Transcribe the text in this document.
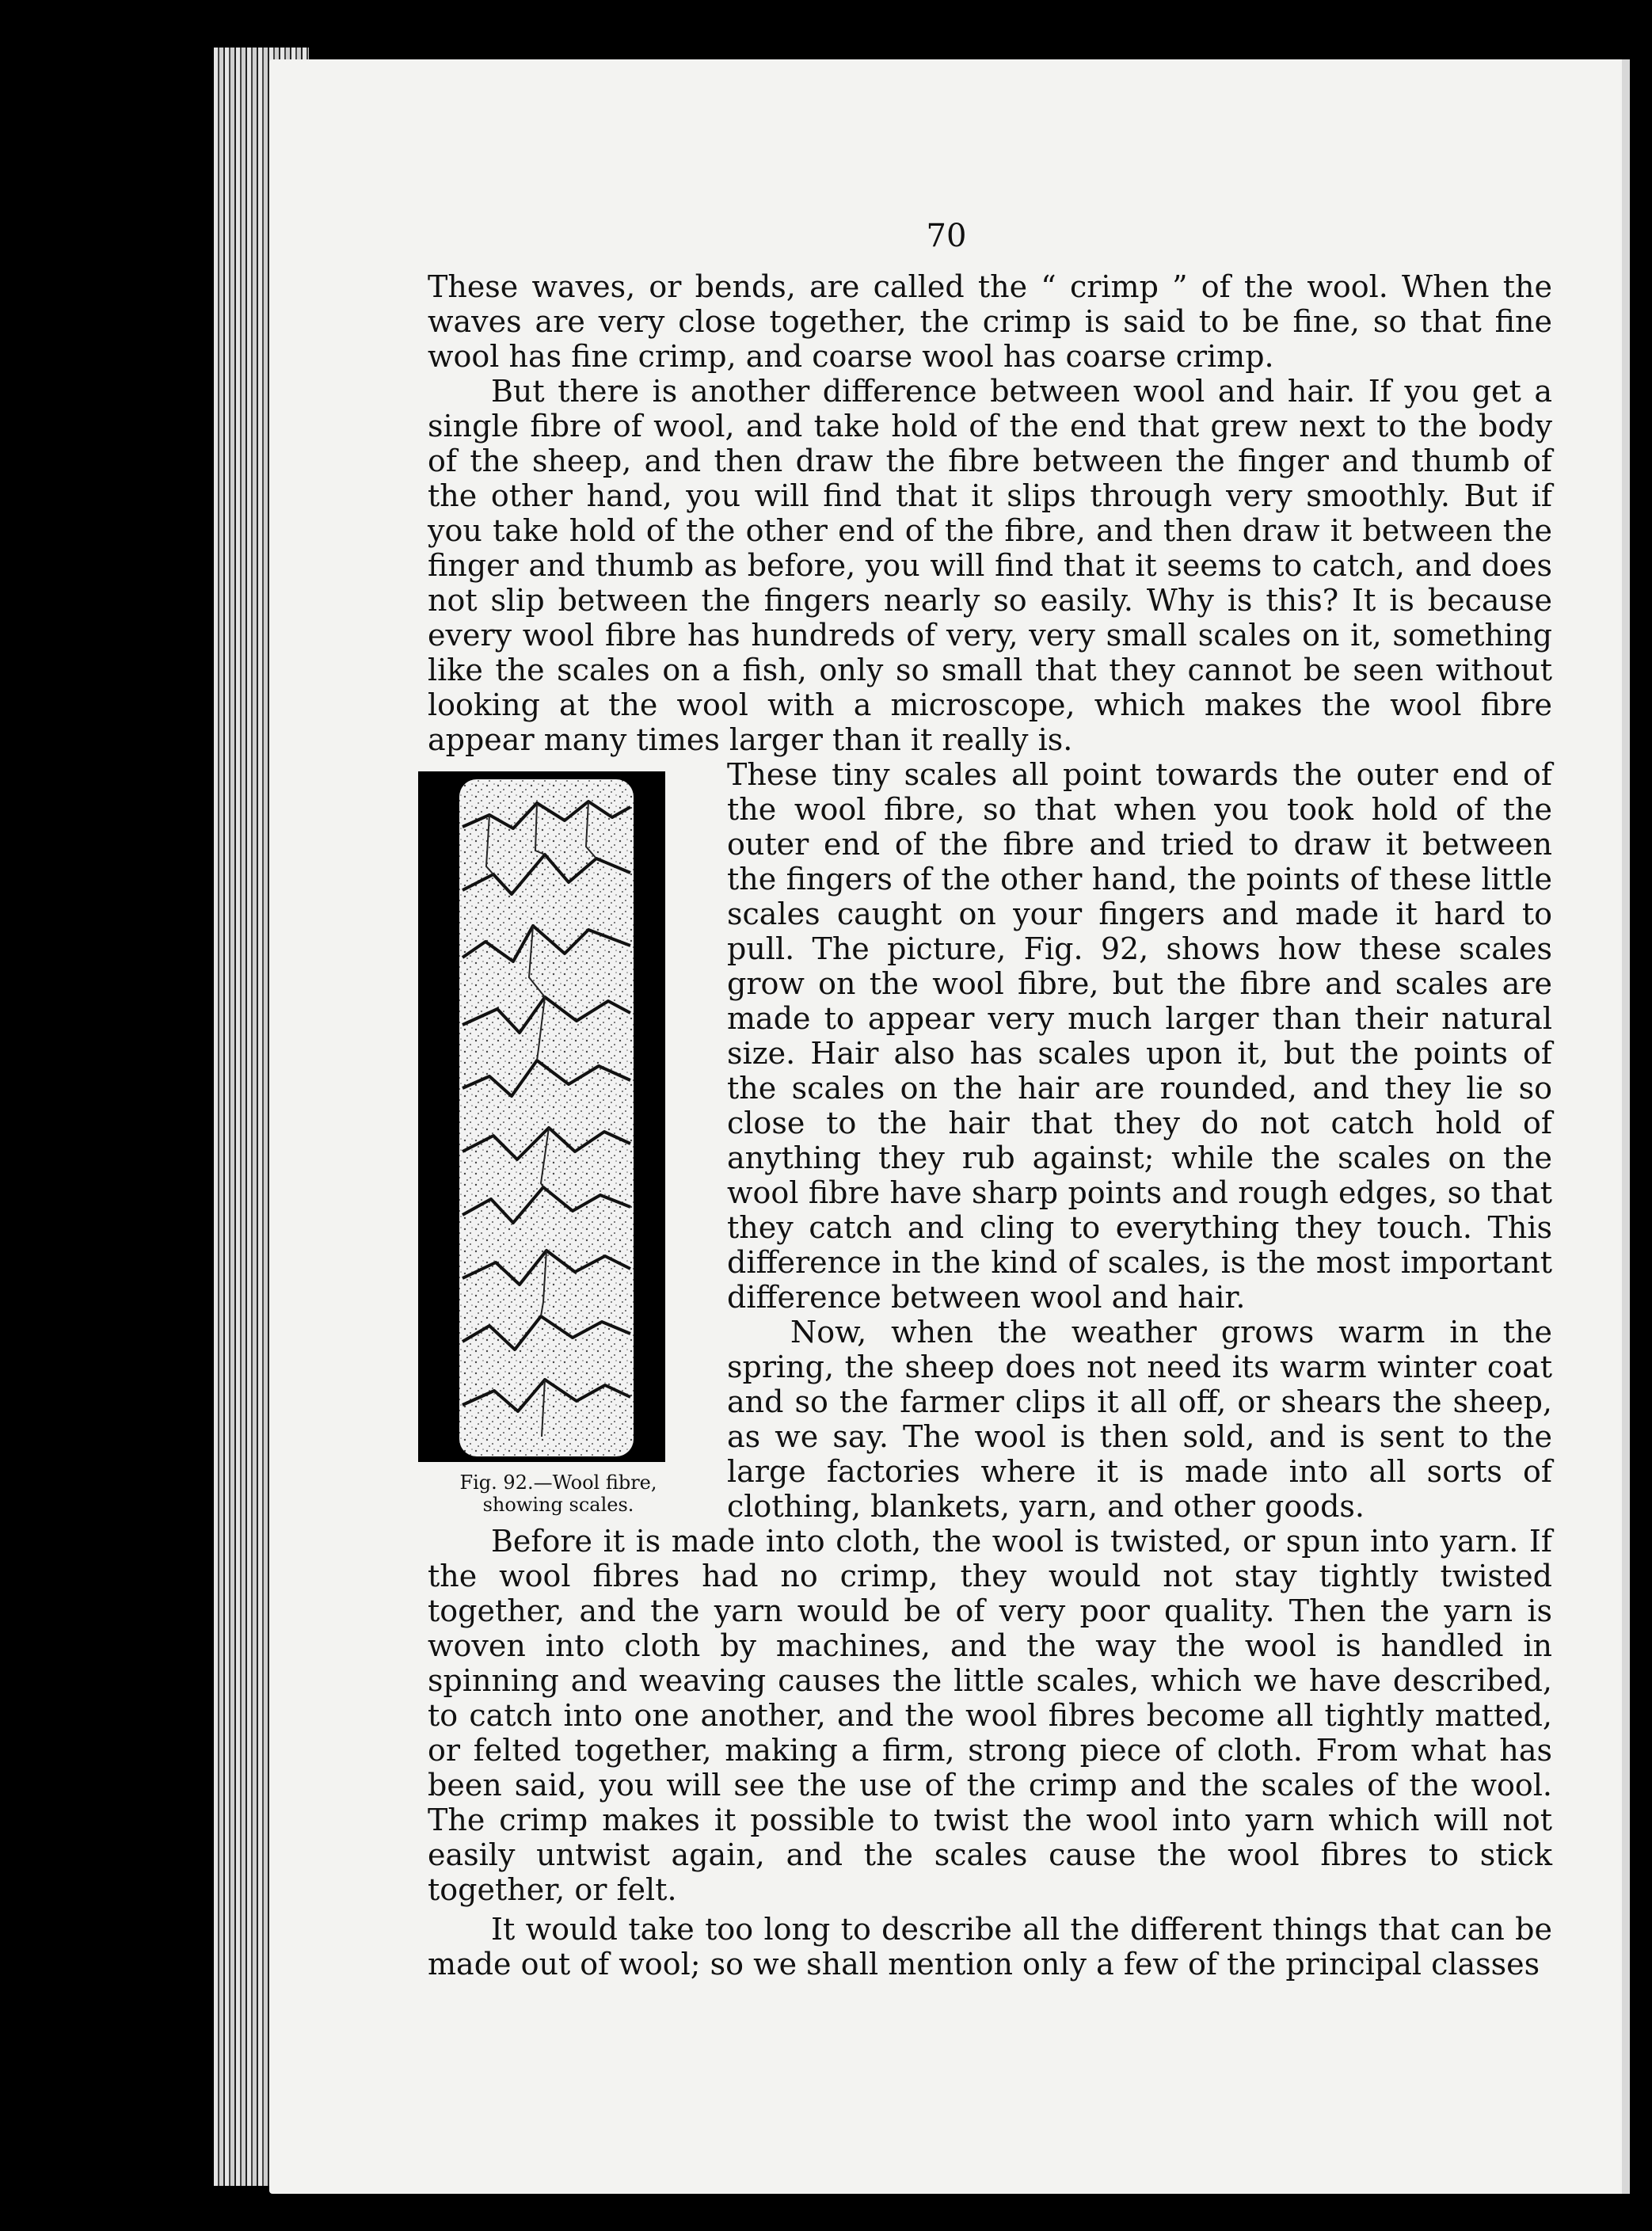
70

These waves, or bends, are called the “ crimp ” of the wool. When the waves are very close together, the crimp is said to be fine, so that fine wool has fine crimp, and coarse wool has coarse crimp.

But there is another difference between wool and hair. If you get a single fibre of wool, and take hold of the end that grew next to the body of the sheep, and then draw the fibre between the finger and thumb of the other hand, you will find that it slips through very smoothly. But if you take hold of the other end of the fibre, and then draw it between the finger and thumb as before, you will find that it seems to catch, and does not slip between the fingers nearly so easily. Why is this? It is because every wool fibre has hundreds of very, very small scales on it, something like the scales on a fish, only so small that they cannot be seen without looking at the wool with a microscope, which makes the wool fibre appear many times larger than it really is.

Fig. 92.—Wool fibre,
showing scales.

These tiny scales all point towards the outer end of the wool fibre, so that when you took hold of the outer end of the fibre and tried to draw it between the fingers of the other hand, the points of these little scales caught on your fingers and made it hard to pull. The picture, Fig. 92, shows how these scales grow on the wool fibre, but the fibre and scales are made to appear very much larger than their natural size. Hair also has scales upon it, but the points of the scales on the hair are rounded, and they lie so close to the hair that they do not catch hold of anything they rub against; while the scales on the wool fibre have sharp points and rough edges, so that they catch and cling to everything they touch. This difference in the kind of scales, is the most important difference between wool and hair.

Now, when the weather grows warm in the spring, the sheep does not need its warm winter coat and so the farmer clips it all off, or shears the sheep, as we say. The wool is then sold, and is sent to the large factories where it is made into all sorts of clothing, blankets, yarn, and other goods.

Before it is made into cloth, the wool is twisted, or spun into yarn. If the wool fibres had no crimp, they would not stay tightly twisted together, and the yarn would be of very poor quality. Then the yarn is woven into cloth by machines, and the way the wool is handled in spinning and weaving causes the little scales, which we have described, to catch into one another, and the wool fibres become all tightly matted, or felted together, making a firm, strong piece of cloth. From what has been said, you will see the use of the crimp and the scales of the wool. The crimp makes it possible to twist the wool into yarn which will not easily untwist again, and the scales cause the wool fibres to stick together, or felt.

It would take too long to describe all the different things that can be made out of wool; so we shall mention only a few of the principal classes
